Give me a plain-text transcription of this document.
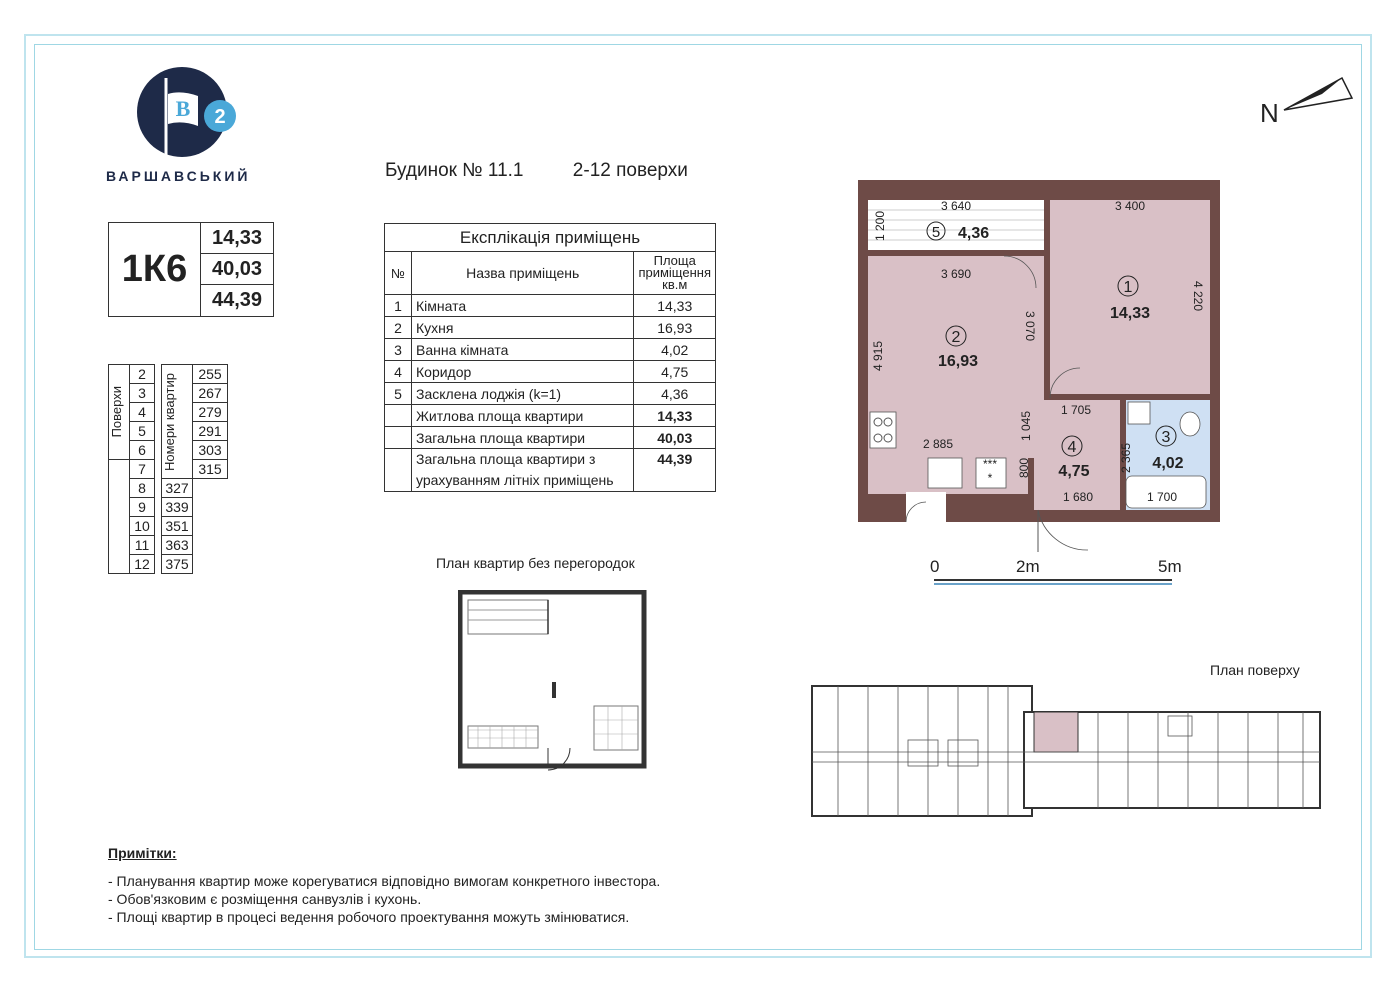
B 2
ВАРШАВСЬКИЙ	Будинок № 11.1	2-12 поверхи
1К6
14,33
40,03
44,39
Експлікація приміщень		
№	Назва приміщень	Площа приміщення кв.м
1	Кімната	14,33
2	Кухня	16,93
3	Ванна кімната	4,02
4	Коридор	4,75
5	Засклена лоджія (k=1)	4,36
	Житлова площа квартири	14,33
	Загальна площа квартири	40,03
	Загальна площа квартири з урахуванням літніх приміщень	44,39
Поверхи	2		Номери квартир	255
	3			267
	4			279
	5			291
	6			303
	7			315
	8		327	
	9		339	
	10		351	
	11		363	
	12		375	
N
5 4,36
1
14,33
2
16,93
3
4,02
4
4,75
3 640	3 400
1 200
3 690
4 220
3 070
4 915
1 705
1 045
2 885	2 365
800
1 680	1 700
***
*
0	2m	5m
План квартир без перегородок
План поверху
Примітки:
- Планування квартир може корегуватися відповідно вимогам конкретного інвестора.
- Обов'язковим є розміщення санвузлів і кухонь.
- Площі квартир в процесі ведення робочого проектування можуть змінюватися.
